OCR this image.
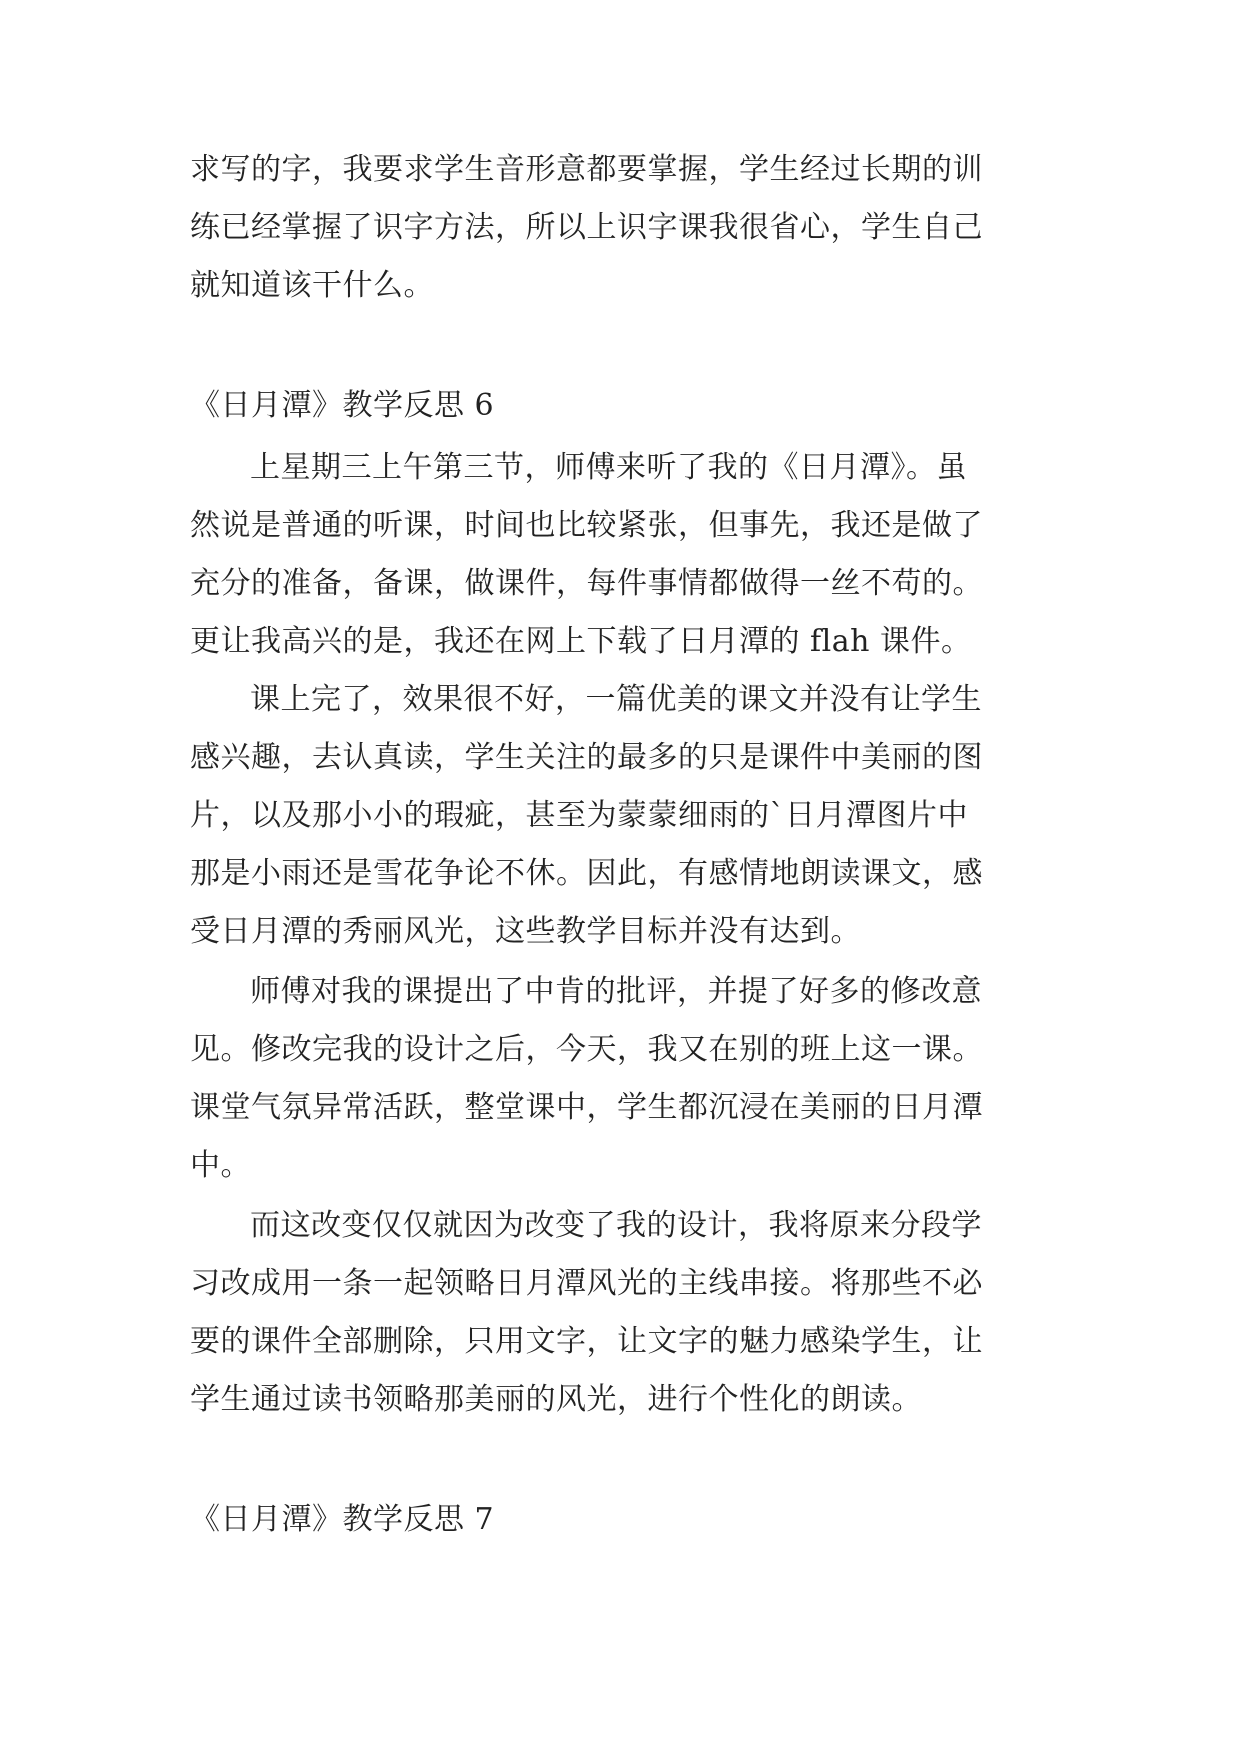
求写的字，我要求学生音形意都要掌握，学生经过长期的训
练已经掌握了识字方法，所以上识字课我很省心，学生自己
就知道该干什么。
《日月潭》教学反思 6
上星期三上午第三节，师傅来听了我的《日月潭》。虽
然说是普通的听课，时间也比较紧张，但事先，我还是做了
充分的准备，备课，做课件，每件事情都做得一丝不苟的。
更让我高兴的是，我还在网上下载了日月潭的 flah 课件。
课上完了，效果很不好，一篇优美的课文并没有让学生
感兴趣，去认真读，学生关注的最多的只是课件中美丽的图
片，以及那小小的瑕疵，甚至为蒙蒙细雨的`日月潭图片中
那是小雨还是雪花争论不休。因此，有感情地朗读课文，感
受日月潭的秀丽风光，这些教学目标并没有达到。
师傅对我的课提出了中肯的批评，并提了好多的修改意
见。修改完我的设计之后，今天，我又在别的班上这一课。
课堂气氛异常活跃，整堂课中，学生都沉浸在美丽的日月潭
中。
而这改变仅仅就因为改变了我的设计，我将原来分段学
习改成用一条一起领略日月潭风光的主线串接。将那些不必
要的课件全部删除，只用文字，让文字的魅力感染学生，让
学生通过读书领略那美丽的风光，进行个性化的朗读。
《日月潭》教学反思 7
